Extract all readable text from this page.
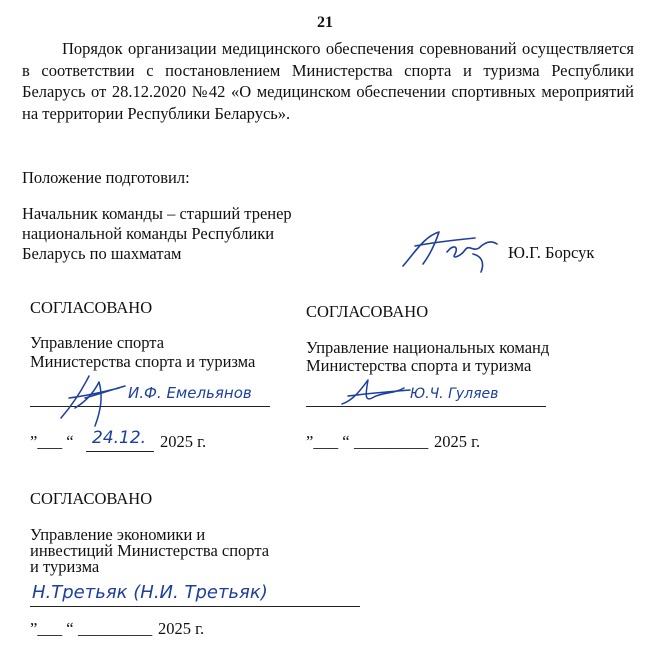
21
Порядок организации медицинского обеспечения соревнований осуществляется в соответствии с постановлением Министерства спорта и туризма Республики Беларусь от 28.12.2020 №42 «О медицинском обеспечении спортивных мероприятий на территории Республики Беларусь».
Положение подготовил:
Начальник команды – старший тренер
национальной команды Республики
Беларусь по шахматам	Ю.Г. Борсук
СОГЛАСОВАНО
Управление спорта
Министерства спорта и туризма
И.Ф. Емельянов
”___ “ 24.12. 2025 г.
СОГЛАСОВАНО
Управление национальных команд
Министерства спорта и туризма
Ю.Ч. Гуляев
”___ “ _________ 2025 г.
СОГЛАСОВАНО
Управление экономики и
инвестиций Министерства спорта
и туризма
Н.Третьяк (Н.И. Третьяк)
”___ “ _________ 2025 г.
